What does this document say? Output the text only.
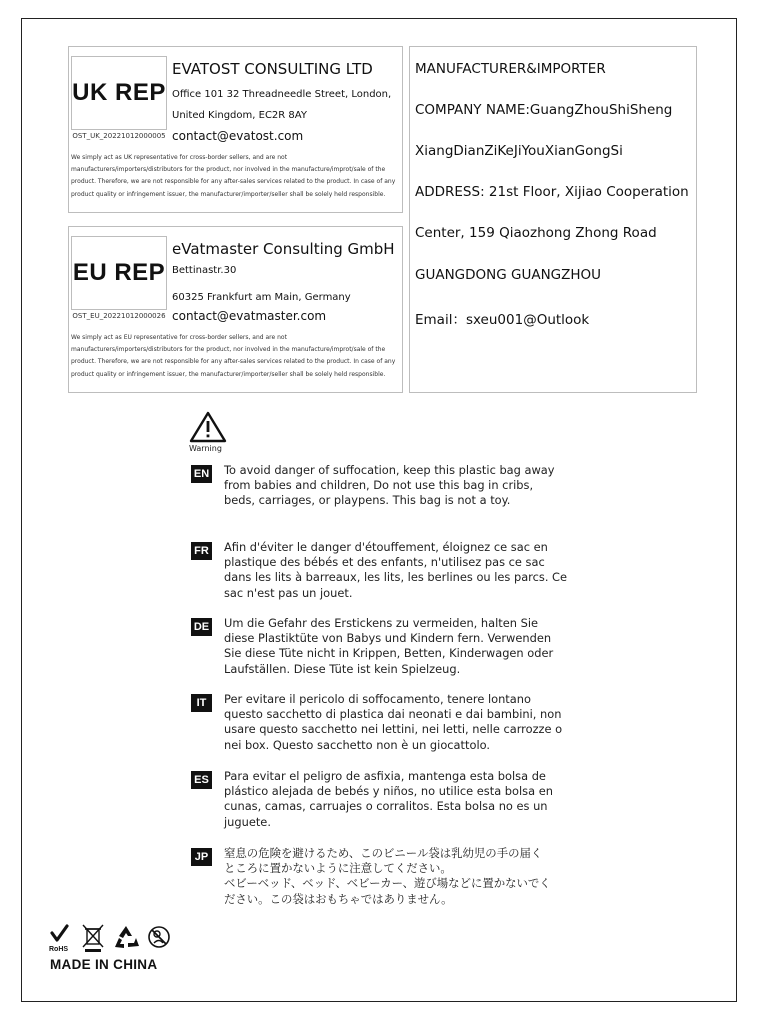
UK REP
OST_UK_20221012000005
EVATOST CONSULTING LTD
Office 101 32 Threadneedle Street, London,
United Kingdom, EC2R 8AY
contact@evatost.com
We simply act as UK representative for cross-border sellers, and are not manufacturers/importers/distributors for the product, nor involved in the manufacture/improt/sale of the product. Therefore, we are not responsible for any after-sales services related to the product. In case of any product quality or infringement issuer, the manufacturer/importer/seller shall be solely held responsible.
EU REP
OST_EU_20221012000026
eVatmaster Consulting GmbH
Bettinastr.30
60325 Frankfurt am Main, Germany
contact@evatmaster.com
We simply act as EU representative for cross-border sellers, and are not manufacturers/importers/distributors for the product, nor involved in the manufacture/improt/sale of the product. Therefore, we are not responsible for any after-sales services related to the product. In case of any product quality or infringement issuer, the manufacturer/importer/seller shall be solely held responsible.
MANUFACTURER&IMPORTER
COMPANY NAME:GuangZhouShiSheng
XiangDianZiKeJiYouXianGongSi
ADDRESS: 21st Floor, Xijiao Cooperation
Center, 159 Qiaozhong Zhong Road
GUANGDONG GUANGZHOU
Email：sxeu001@Outlook
Warning
EN To avoid danger of suffocation, keep this plastic bag away
from babies and children, Do not use this bag in cribs,
beds, carriages, or playpens. This bag is not a toy.
FR Afin d'éviter le danger d'étouffement, éloignez ce sac en
plastique des bébés et des enfants, n'utilisez pas ce sac
dans les lits à barreaux, les lits, les berlines ou les parcs. Ce
sac n'est pas un jouet.
DE Um die Gefahr des Erstickens zu vermeiden, halten Sie
diese Plastiktüte von Babys und Kindern fern. Verwenden
Sie diese Tüte nicht in Krippen, Betten, Kinderwagen oder
Laufställen. Diese Tüte ist kein Spielzeug.
IT	Per evitare il pericolo di soffocamento, tenere lontano
questo sacchetto di plastica dai neonati e dai bambini, non
usare questo sacchetto nei lettini, nei letti, nelle carrozze o
nei box. Questo sacchetto non è un giocattolo.
ES Para evitar el peligro de asfixia, mantenga esta bolsa de
plástico alejada de bebés y niños, no utilice esta bolsa en
cunas, camas, carruajes o corralitos. Esta bolsa no es un
juguete.
JP	窒息の危険を避けるため、このビニール袋は乳幼児の手の届く
ところに置かないように注意してください。
ベビーベッド、ベッド、ベビーカー、遊び場などに置かないでく
ださい。この袋はおもちゃではありません。
RoHS
MADE IN CHINA
